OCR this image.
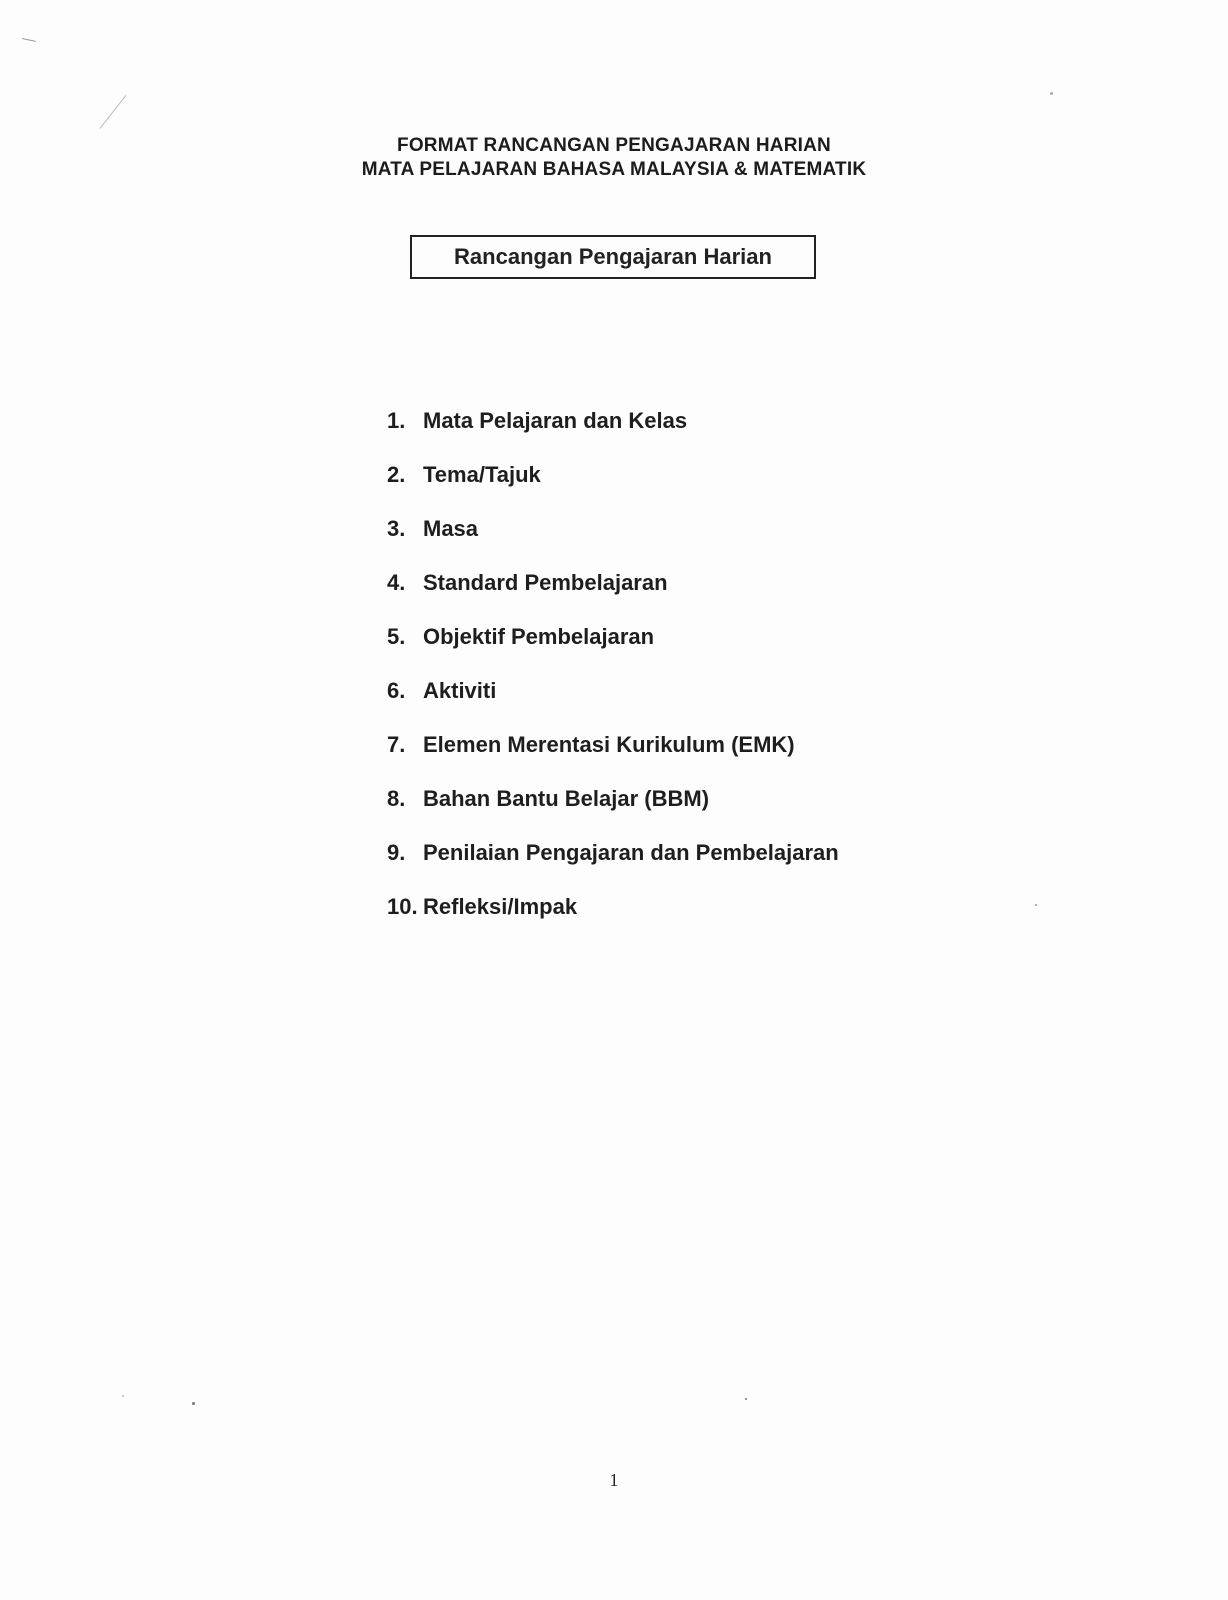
FORMAT RANCANGAN PENGAJARAN HARIAN
MATA PELAJARAN BAHASA MALAYSIA & MATEMATIK
Rancangan Pengajaran Harian
1. Mata Pelajaran dan Kelas
2. Tema/Tajuk
3. Masa
4. Standard Pembelajaran
5. Objektif Pembelajaran
6. Aktiviti
7. Elemen Merentasi Kurikulum (EMK)
8. Bahan Bantu Belajar (BBM)
9. Penilaian Pengajaran dan Pembelajaran
10. Refleksi/Impak
1
